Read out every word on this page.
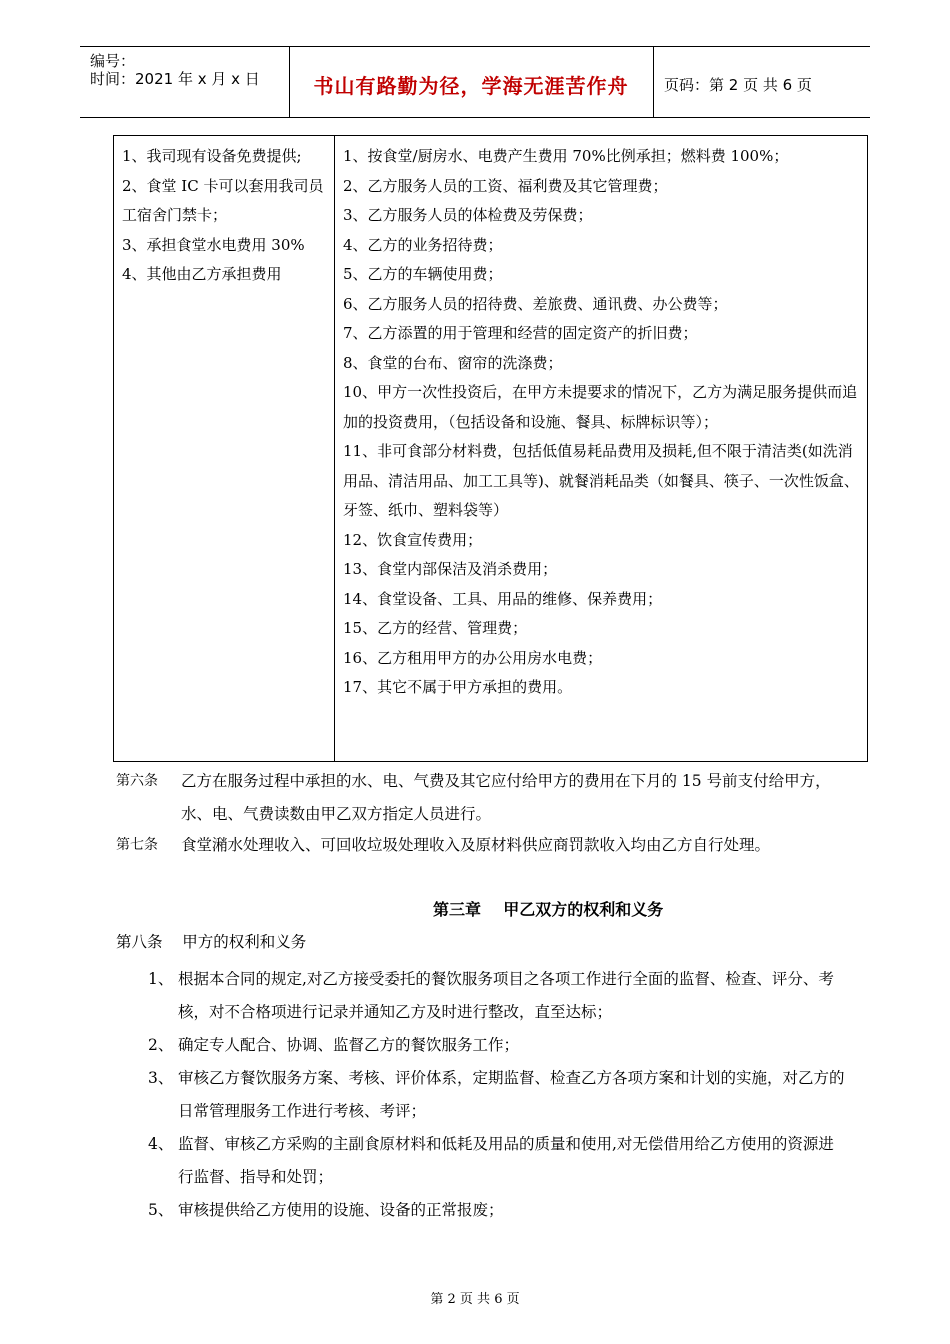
编号：
时间：2021 年 x 月 x 日	书山有路勤为径，学海无涯苦作舟	页码：第 2 页 共 6 页

1、我司现有设备免费提供;

2、食堂 IC 卡可以套用我司员工宿舍门禁卡；

3、承担食堂水电费用 30%

4、其他由乙方承担费用

1、按食堂/厨房水、电费产生费用 70%比例承担；燃料费 100%；

2、乙方服务人员的工资、福利费及其它管理费；

3、乙方服务人员的体检费及劳保费；

4、乙方的业务招待费；

5、乙方的车辆使用费；

6、乙方服务人员的招待费、差旅费、通讯费、办公费等；

7、乙方添置的用于管理和经营的固定资产的折旧费；

8、食堂的台布、窗帘的洗涤费；

10、甲方一次性投资后，在甲方未提要求的情况下，乙方为满足服务提供而追加的投资费用，（包括设备和设施、餐具、标牌标识等）；

11、非可食部分材料费，包括低值易耗品费用及损耗,但不限于清洁类(如洗消用品、清洁用品、加工工具等)、就餐消耗品类（如餐具、筷子、一次性饭盒、牙签、纸巾、塑料袋等）

12、饮食宣传费用；

13、食堂内部保洁及消杀费用；

14、食堂设备、工具、用品的维修、保养费用；

15、乙方的经营、管理费；

16、乙方租用甲方的办公用房水电费；

17、其它不属于甲方承担的费用。

第六条 乙方在服务过程中承担的水、电、气费及其它应付给甲方的费用在下月的 15 号前支付给甲方，水、电、气费读数由甲乙双方指定人员进行。
第七条 食堂潲水处理收入、可回收垃圾处理收入及原材料供应商罚款收入均由乙方自行处理。
第三章    甲乙双方的权利和义务
第八条    甲方的权利和义务

1、 根据本合同的规定,对乙方接受委托的餐饮服务项目之各项工作进行全面的监督、检查、评分、考核，对不合格项进行记录并通知乙方及时进行整改，直至达标；

2、 确定专人配合、协调、监督乙方的餐饮服务工作；

3、 审核乙方餐饮服务方案、考核、评价体系，定期监督、检查乙方各项方案和计划的实施，对乙方的日常管理服务工作进行考核、考评；

4、 监督、审核乙方采购的主副食原材料和低耗及用品的质量和使用,对无偿借用给乙方使用的资源进行监督、指导和处罚；

5、 审核提供给乙方使用的设施、设备的正常报废；

第 2 页 共 6 页
